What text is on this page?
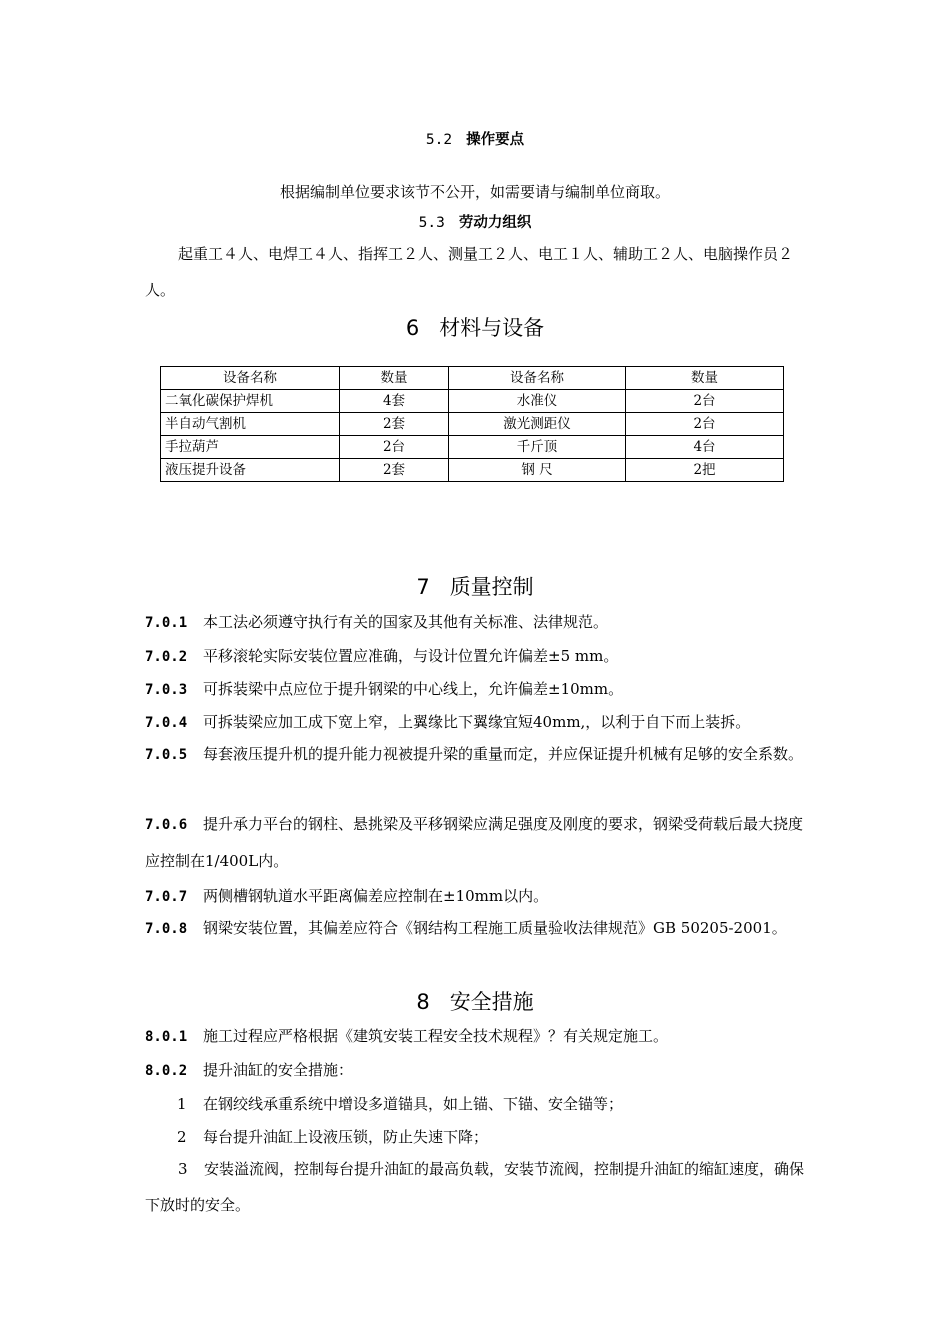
5.2 操作要点
根据编制单位要求该节不公开，如需要请与编制单位商取。
5.3 劳动力组织
起重工４人、电焊工４人、指挥工２人、测量工２人、电工１人、辅助工２人、电脑操作员２人。
6 材料与设备
设备名称	数量	设备名称	数量
二氧化碳保护焊机	4套	水准仪	2台
半自动气割机	2套	激光测距仪	2台
手拉葫芦	2台	千斤顶	4台
液压提升设备	2套	钢 尺	2把
7 质量控制
7.0.1 本工法必须遵守执行有关的国家及其他有关标准、法律规范。
7.0.2 平移滚轮实际安装位置应准确，与设计位置允许偏差±5 mm。
7.0.3 可拆装梁中点应位于提升钢梁的中心线上，允许偏差±10mm。
7.0.4 可拆装梁应加工成下宽上窄，上翼缘比下翼缘宜短40mm,，以利于自下而上装拆。
7.0.5 每套液压提升机的提升能力视被提升梁的重量而定，并应保证提升机械有足够的安全系数。
7.0.6 提升承力平台的钢柱、悬挑梁及平移钢梁应满足强度及刚度的要求，钢梁受荷载后最大挠度应控制在1/400L内。
7.0.7 两侧槽钢轨道水平距离偏差应控制在±10mm以内。
7.0.8 钢梁安装位置，其偏差应符合《钢结构工程施工质量验收法律规范》GB 50205-2001。
8 安全措施
8.0.1 施工过程应严格根据《建筑安装工程安全技术规程》？有关规定施工。
8.0.2 提升油缸的安全措施：
1 在钢绞线承重系统中增设多道锚具，如上锚、下锚、安全锚等；
2 每台提升油缸上设液压锁，防止失速下降；
3 安装溢流阀，控制每台提升油缸的最高负载，安装节流阀，控制提升油缸的缩缸速度，确保下放时的安全。
